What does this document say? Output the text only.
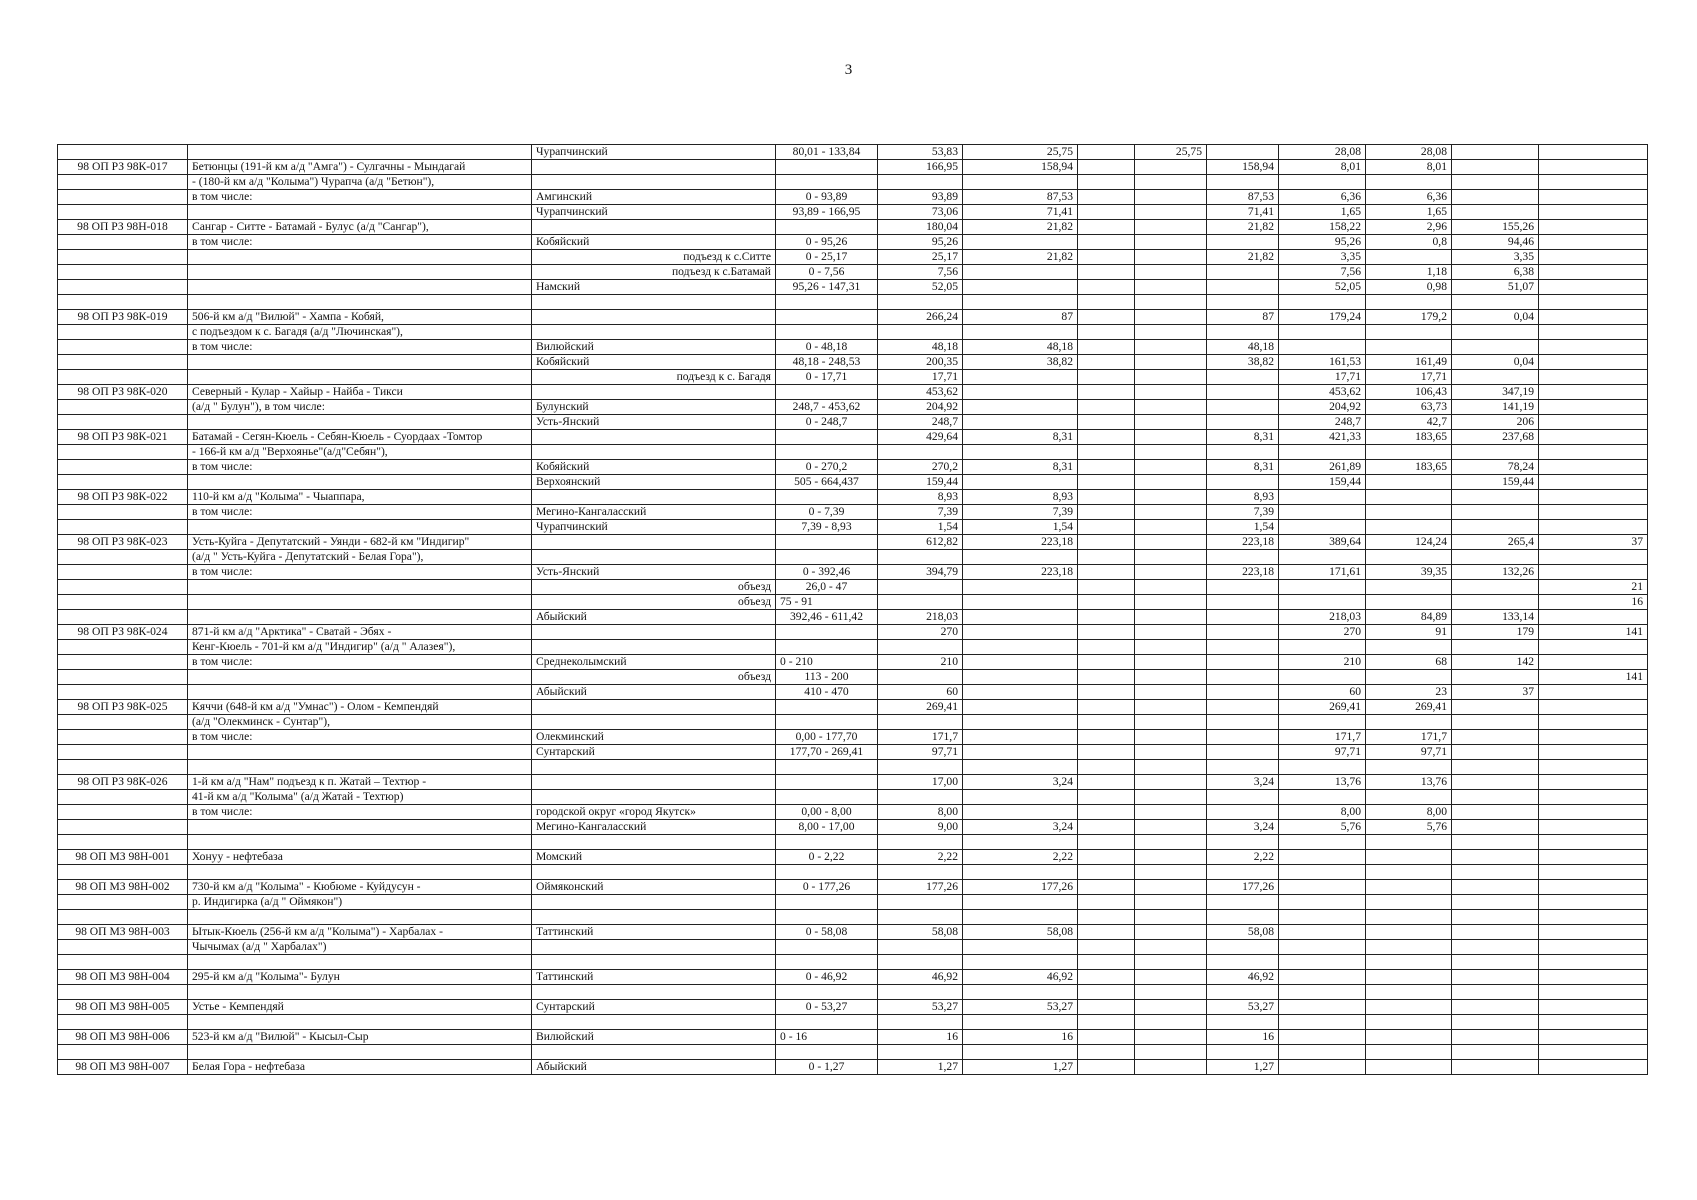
3
		Чурапчинский	80,01 - 133,84	53,83	25,75		25,75		28,08	28,08		
98 ОП РЗ 98К-017	Бетюнцы (191-й км а/д "Амга") - Сулгачны - Мындагай			166,95	158,94			158,94	8,01	8,01		
	- (180-й км а/д "Колыма") Чурапча (а/д "Бетюн"),											
	в том числе:	Амгинский	0 - 93,89	93,89	87,53			87,53	6,36	6,36		
		Чурапчинский	93,89 - 166,95	73,06	71,41			71,41	1,65	1,65		
98 ОП РЗ 98Н-018	Сангар - Ситте - Батамай - Булус (а/д "Сангар"),			180,04	21,82			21,82	158,22	2,96	155,26	
	в том числе:	Кобяйский	0 - 95,26	95,26					95,26	0,8	94,46	
		подъезд к с.Ситте	0 - 25,17	25,17	21,82			21,82	3,35		3,35	
		подъезд к с.Батамай	0 - 7,56	7,56					7,56	1,18	6,38	
		Намский	95,26 - 147,31	52,05					52,05	0,98	51,07	

98 ОП РЗ 98К-019	506-й км а/д "Вилюй" - Хампа - Кобяй,			266,24	87			87	179,24	179,2	0,04	
	с подъездом к с. Багадя (а/д "Лючинская"),											
	в том числе:	Вилюйский	0 - 48,18	48,18	48,18			48,18				
		Кобяйский	48,18 - 248,53	200,35	38,82			38,82	161,53	161,49	0,04	
		подъезд к с. Багадя	0 - 17,71	17,71					17,71	17,71		
98 ОП РЗ 98К-020	Северный - Кулар - Хайыр - Найба - Тикси			453,62					453,62	106,43	347,19	
	(а/д " Булун"), в том числе:	Булунский	248,7 - 453,62	204,92					204,92	63,73	141,19	
		Усть-Янский	0 - 248,7	248,7					248,7	42,7	206	
98 ОП РЗ 98К-021	Батамай - Сегян-Кюель - Себян-Кюель - Суордаах -Томтор			429,64	8,31			8,31	421,33	183,65	237,68	
	- 166-й км а/д "Верхоянье"(а/д"Себян"),											
	в том числе:	Кобяйский	0 - 270,2	270,2	8,31			8,31	261,89	183,65	78,24	
		Верхоянский	505 - 664,437	159,44					159,44		159,44	
98 ОП РЗ 98К-022	110-й км а/д "Колыма" - Чыаппара,			8,93	8,93			8,93				
	в том числе:	Мегино-Кангаласский	0 - 7,39	7,39	7,39			7,39				
		Чурапчинский	7,39 - 8,93	1,54	1,54			1,54				
98 ОП РЗ 98К-023	Усть-Куйга - Депутатский - Уянди - 682-й км "Индигир"			612,82	223,18			223,18	389,64	124,24	265,4	37
	(а/д " Усть-Куйга - Депутатский - Белая Гора"),											
	в том числе:	Усть-Янский	0 - 392,46	394,79	223,18			223,18	171,61	39,35	132,26	
		объезд	26,0 - 47									21
		объезд	75 - 91									16
		Абыйский	392,46 - 611,42	218,03					218,03	84,89	133,14	
98 ОП РЗ 98К-024	871-й км а/д "Арктика" - Сватай - Эбях -			270					270	91	179	141
	Кенг-Кюель - 701-й км а/д "Индигир" (а/д " Алазея"),											
	в том числе:	Среднеколымский	0 - 210	210					210	68	142	
		объезд	113 - 200									141
		Абыйский	410 - 470	60					60	23	37	
98 ОП РЗ 98К-025	Кяччи (648-й км а/д "Умнас") - Олом - Кемпендяй			269,41					269,41	269,41		
	(а/д "Олекминск - Сунтар"),											
	в том числе:	Олекминский	0,00 - 177,70	171,7					171,7	171,7		
		Сунтарский	177,70 - 269,41	97,71					97,71	97,71		

98 ОП РЗ 98К-026	1-й км а/д "Нам" подъезд к п. Жатай – Техтюр -			17,00	3,24			3,24	13,76	13,76		
	41-й км а/д "Колыма" (а/д Жатай - Техтюр)											
	в том числе:	городской округ «город Якутск»	0,00 - 8,00	8,00					8,00	8,00		
		Мегино-Кангаласский	8,00 - 17,00	9,00	3,24			3,24	5,76	5,76		

98 ОП МЗ 98Н-001	Хонуу - нефтебаза	Момский	0 - 2,22	2,22	2,22			2,22				

98 ОП МЗ 98Н-002	730-й км а/д "Колыма" - Кюбюме - Куйдусун -	Оймяконский	0 - 177,26	177,26	177,26			177,26				
	р. Индигирка (а/д " Оймякон")											

98 ОП МЗ 98Н-003	Ытык-Кюель (256-й км а/д "Колыма") - Харбалах -	Таттинский	0 - 58,08	58,08	58,08			58,08				
	Чычымах (а/д " Харбалах")											

98 ОП МЗ 98Н-004	295-й км а/д "Колыма"- Булун	Таттинский	0 - 46,92	46,92	46,92			46,92				

98 ОП МЗ 98Н-005	Устье - Кемпендяй	Сунтарский	0 - 53,27	53,27	53,27			53,27				

98 ОП МЗ 98Н-006	523-й км а/д "Вилюй" - Кысыл-Сыр	Вилюйский	0 - 16	16	16			16				

98 ОП МЗ 98Н-007	Белая Гора - нефтебаза	Абыйский	0 - 1,27	1,27	1,27			1,27				
